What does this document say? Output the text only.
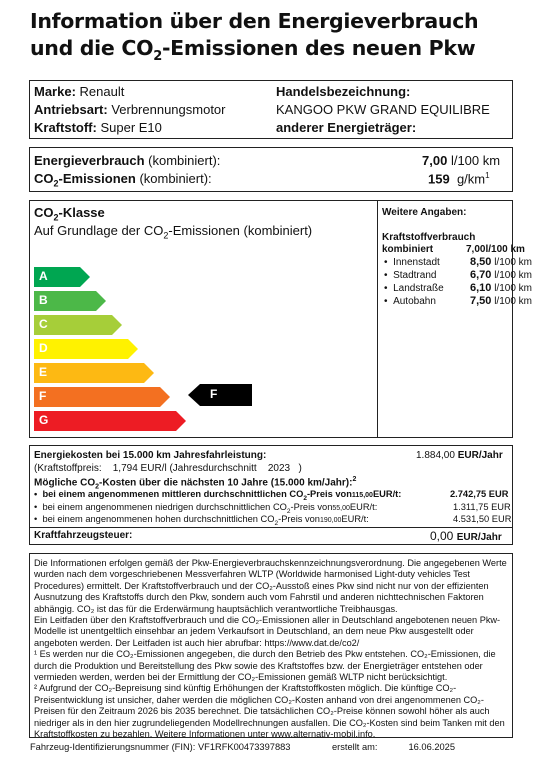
Information über den Energieverbrauch
und die $CO_2$-Emissionen des neuen Pkw
Marke: Renault
Antriebsart: Verbrennungsmotor
Kraftstoff: Super E10
Handelsbezeichnung:
KANGOO PKW GRAND EQUILIBRE
anderer Energieträger:
Energieverbrauch (kombiniert):	7,00 l/100 km
$CO_2$-Emissionen (kombiniert):	159 $g/km^1$
$CO_2$-Klasse
Auf Grundlage der $CO_2$-Emissionen (kombiniert)
F
Weitere Angaben:
Kraftstoffverbrauch
kombiniert	7,00l/100 km
A
B
C
D
E
F
G
• Innenstadt	8,50 l/100 km
• Stadtrand	6,70 l/100 km
• Landstraße 6,10 l/100 km
• Autobahn	7,50 l/100 km
Energiekosten bei 15.000 km Jahresfahrleistung:	1.884,00 EUR/Jahr
(Kraftstoffpreis: 1,794 EUR/l (Jahresdurchschnitt 2023 )
Mögliche $CO_2$-Kosten über die nächsten 10 Jahre (15.000 km/Jahr):$^2$
Kraftfahrzeugsteuer:	0,00 EUR/Jahr
• bei einem angenommenen mittleren durchschnittlichen $CO_2$-Preis von115,00EUR/t:	2.742,75 EUR
• bei einem angenommenen niedrigen durchschnittlichen $CO_2$-Preis von55,00EUR/t:	1.311,75 EUR
• bei einem angenommenen hohen durchschnittlichen $CO_2$-Preis von190,00EUR/t:	4.531,50 EUR

Die Informationen erfolgen gemäß der Pkw-Energieverbrauchskennzeichnungsverordnung. Die angegebenen Werte wurden nach dem vorgeschriebenen Messverfahren WLTP (Worldwide harmonised Light-duty vehicles Test Procedures) ermittelt. Der Kraftstoffverbrauch und der CO₂-Ausstoß eines Pkw sind nicht nur von der effizienten Ausnutzung des Kraftstoffs durch den Pkw, sondern auch vom Fahrstil und anderen nichttechnischen Faktoren abhängig. CO₂ ist das für die Erderwärmung hauptsächlich verantwortliche Treibhausgas.

Ein Leitfaden über den Kraftstoffverbrauch und die CO₂-Emissionen aller in Deutschland angebotenen neuen Pkw-Modelle ist unentgeltlich einsehbar an jedem Verkaufsort in Deutschland, an dem neue Pkw ausgestellt oder angeboten werden. Der Leitfaden ist auch hier abrufbar: https://www.dat.de/co2/

¹ Es werden nur die CO₂-Emissionen angegeben, die durch den Betrieb des Pkw entstehen. CO₂-Emissionen, die durch die Produktion und Bereitstellung des Pkw sowie des Kraftstoffes bzw. der Energieträger entstehen oder vermieden werden, werden bei der Ermittlung der CO₂-Emissionen gemäß WLTP nicht berücksichtigt.

² Aufgrund der CO₂-Bepreisung sind künftig Erhöhungen der Kraftstoffkosten möglich. Die künftige CO₂-Preisentwicklung ist unsicher, daher werden die möglichen CO₂-Kosten anhand von drei angenommenen CO₂-Preisen für den Zeitraum 2026 bis 2035 berechnet. Die tatsächlichen CO₂-Preise können sowohl höher als auch niedriger als in den hier zugrundeliegenden Modellrechnungen ausfallen. Die CO₂-Kosten sind beim Tanken mit den Kraftstoffkosten zu bezahlen. Weitere Informationen unter www.alternativ-mobil.info.

Fahrzeug-Identifizierungsnummer (FIN): VF1RFK00473397883	erstellt am:	16.06.2025
